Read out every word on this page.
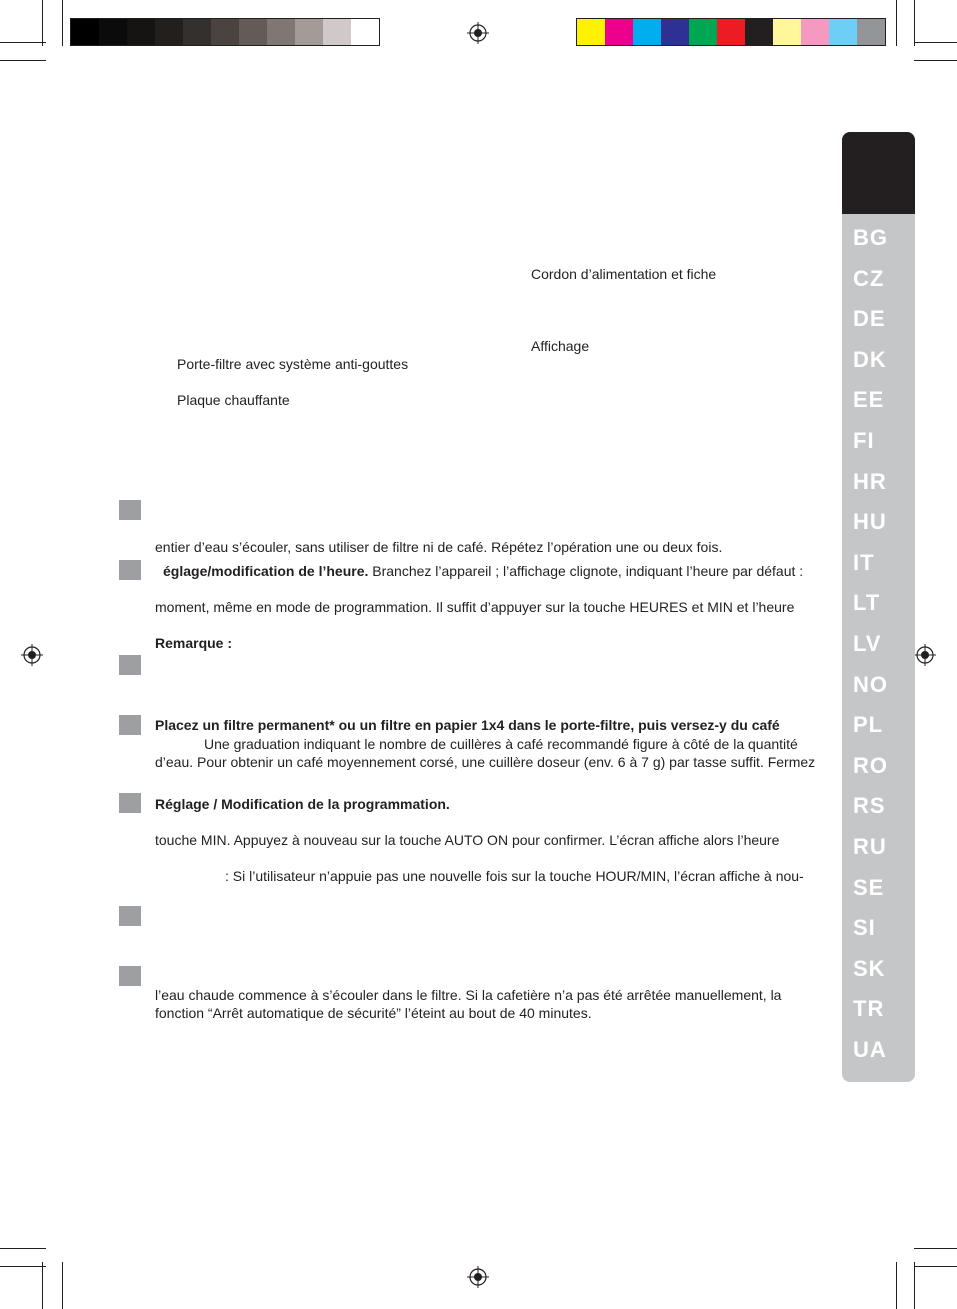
Cordon d’alimentation et fiche
Affichage
Porte-filtre avec système anti-gouttes
Plaque chauffante
entier d’eau s’écouler, sans utiliser de filtre ni de café. Répétez l’opération une ou deux fois.
églage/modification de l’heure. Branchez l’appareil ; l’affichage clignote, indiquant l’heure par défaut :
moment, même en mode de programmation. Il suffit d’appuyer sur la touche HEURES et MIN et l’heure
Remarque :
Placez un filtre permanent* ou un filtre en papier 1x4 dans le porte-filtre, puis versez-y du café
Une graduation indiquant le nombre de cuillères à café recommandé figure à côté de la quantité
d’eau. Pour obtenir un café moyennement corsé, une cuillère doseur (env. 6 à 7 g) par tasse suffit. Fermez
Réglage / Modification de la programmation.
touche MIN. Appuyez à nouveau sur la touche AUTO ON pour confirmer. L’écran affiche alors l’heure
: Si l’utilisateur n’appuie pas une nouvelle fois sur la touche HOUR/MIN, l’écran affiche à nou-
l’eau chaude commence à s’écouler dans le filtre. Si la cafetière n’a pas été arrêtée manuellement, la
fonction “Arrêt automatique de sécurité” l’éteint au bout de 40 minutes.
BG
CZ
DE
DK
EE
FI
HR
HU
IT
LT
LV
NO
PL
RO
RS
RU
SE
SI
SK
TR
UA
